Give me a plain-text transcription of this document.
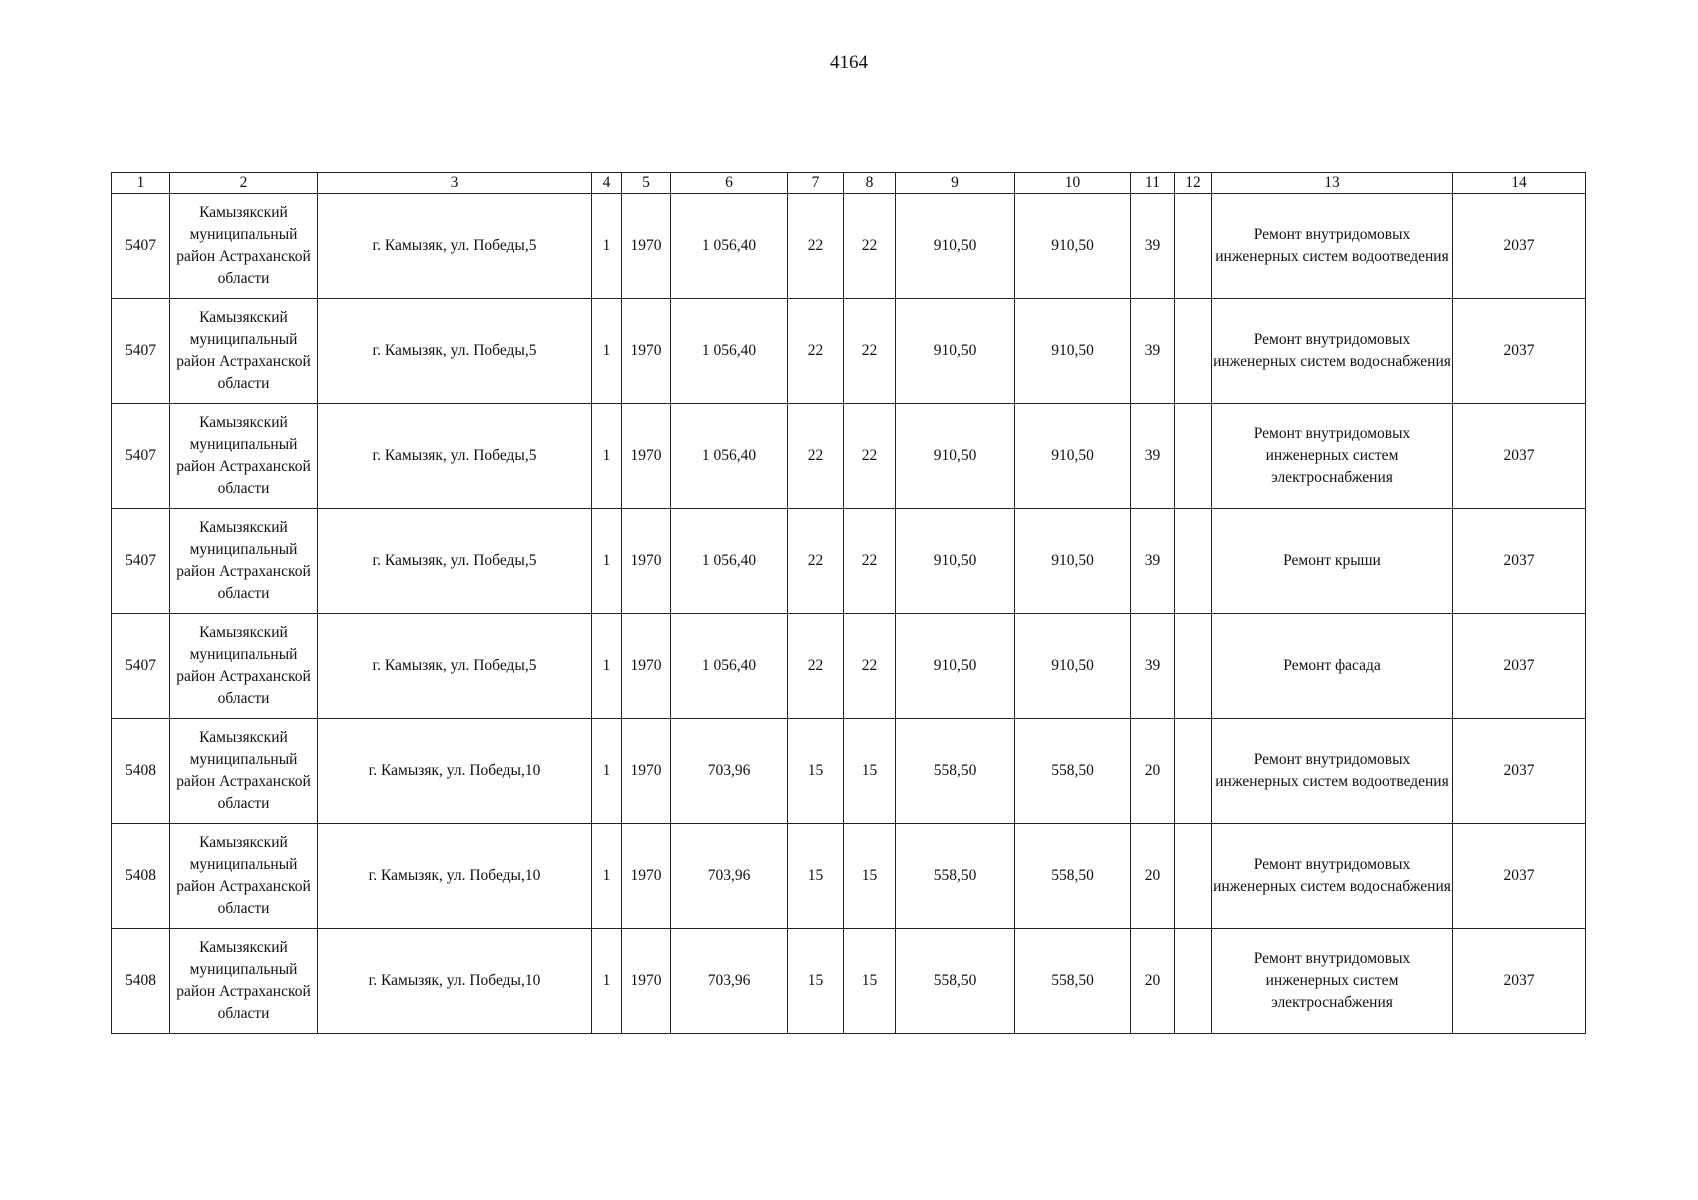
4164
1	2	3	4	5	6	7	8	9	10	11	12	13	14
5407	Камызякский муниципальный район Астраханской области	г. Камызяк, ул. Победы,5	1	1970	1 056,40	22	22	910,50	910,50	39		Ремонт внутридомовых инженерных систем водоотведения	2037
5407	Камызякский муниципальный район Астраханской области	г. Камызяк, ул. Победы,5	1	1970	1 056,40	22	22	910,50	910,50	39		Ремонт внутридомовых инженерных систем водоснабжения	2037
5407	Камызякский муниципальный район Астраханской области	г. Камызяк, ул. Победы,5	1	1970	1 056,40	22	22	910,50	910,50	39		Ремонт внутридомовых инженерных систем электроснабжения	2037
5407	Камызякский муниципальный район Астраханской области	г. Камызяк, ул. Победы,5	1	1970	1 056,40	22	22	910,50	910,50	39		Ремонт крыши	2037
5407	Камызякский муниципальный район Астраханской области	г. Камызяк, ул. Победы,5	1	1970	1 056,40	22	22	910,50	910,50	39		Ремонт фасада	2037
5408	Камызякский муниципальный район Астраханской области	г. Камызяк, ул. Победы,10	1	1970	703,96	15	15	558,50	558,50	20		Ремонт внутридомовых инженерных систем водоотведения	2037
5408	Камызякский муниципальный район Астраханской области	г. Камызяк, ул. Победы,10	1	1970	703,96	15	15	558,50	558,50	20		Ремонт внутридомовых инженерных систем водоснабжения	2037
5408	Камызякский муниципальный район Астраханской области	г. Камызяк, ул. Победы,10	1	1970	703,96	15	15	558,50	558,50	20		Ремонт внутридомовых инженерных систем электроснабжения	2037
